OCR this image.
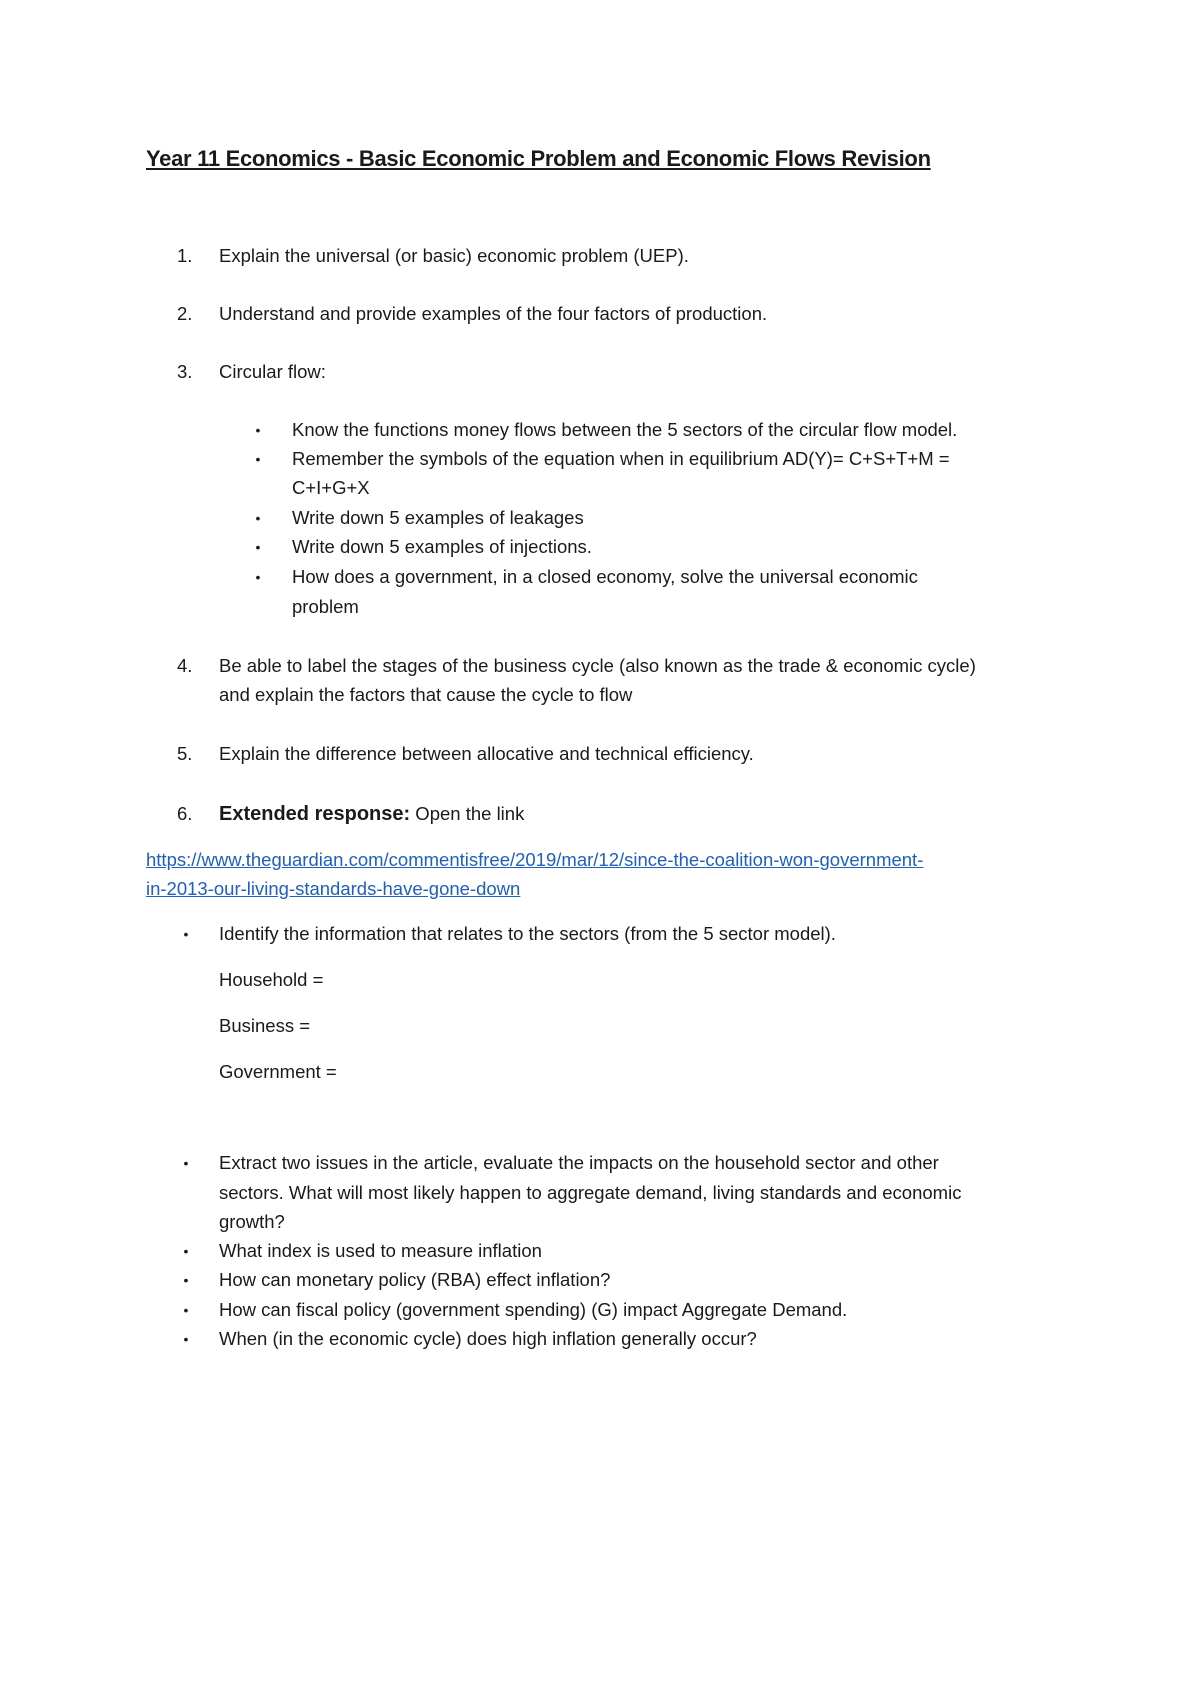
Year 11 Economics - Basic Economic Problem and Economic Flows Revision
1.	Explain the universal (or basic) economic problem (UEP).
2.	Understand and provide examples of the four factors of production.
3.	Circular flow:
• Know the functions money flows between the 5 sectors of the circular flow model.
• Remember the symbols of the equation when in equilibrium AD(Y)= C+S+T+M =
C+I+G+X
• Write down 5 examples of leakages
• Write down 5 examples of injections.
• How does a government, in a closed economy, solve the universal economic
problem
4.	Be able to label the stages of the business cycle (also known as the trade & economic cycle)
and explain the factors that cause the cycle to flow
5.	Explain the difference between allocative and technical efficiency.
6.	Extended response: Open the link
https://www.theguardian.com/commentisfree/2019/mar/12/since-the-coalition-won-government-
in-2013-our-living-standards-have-gone-down
• Identify the information that relates to the sectors (from the 5 sector model).
Household =
Business =
Government =
• Extract two issues in the article, evaluate the impacts on the household sector and other
sectors. What will most likely happen to aggregate demand, living standards and economic
growth?
• What index is used to measure inflation
• How can monetary policy (RBA) effect inflation?
• How can fiscal policy (government spending) (G) impact Aggregate Demand.
• When (in the economic cycle) does high inflation generally occur?
